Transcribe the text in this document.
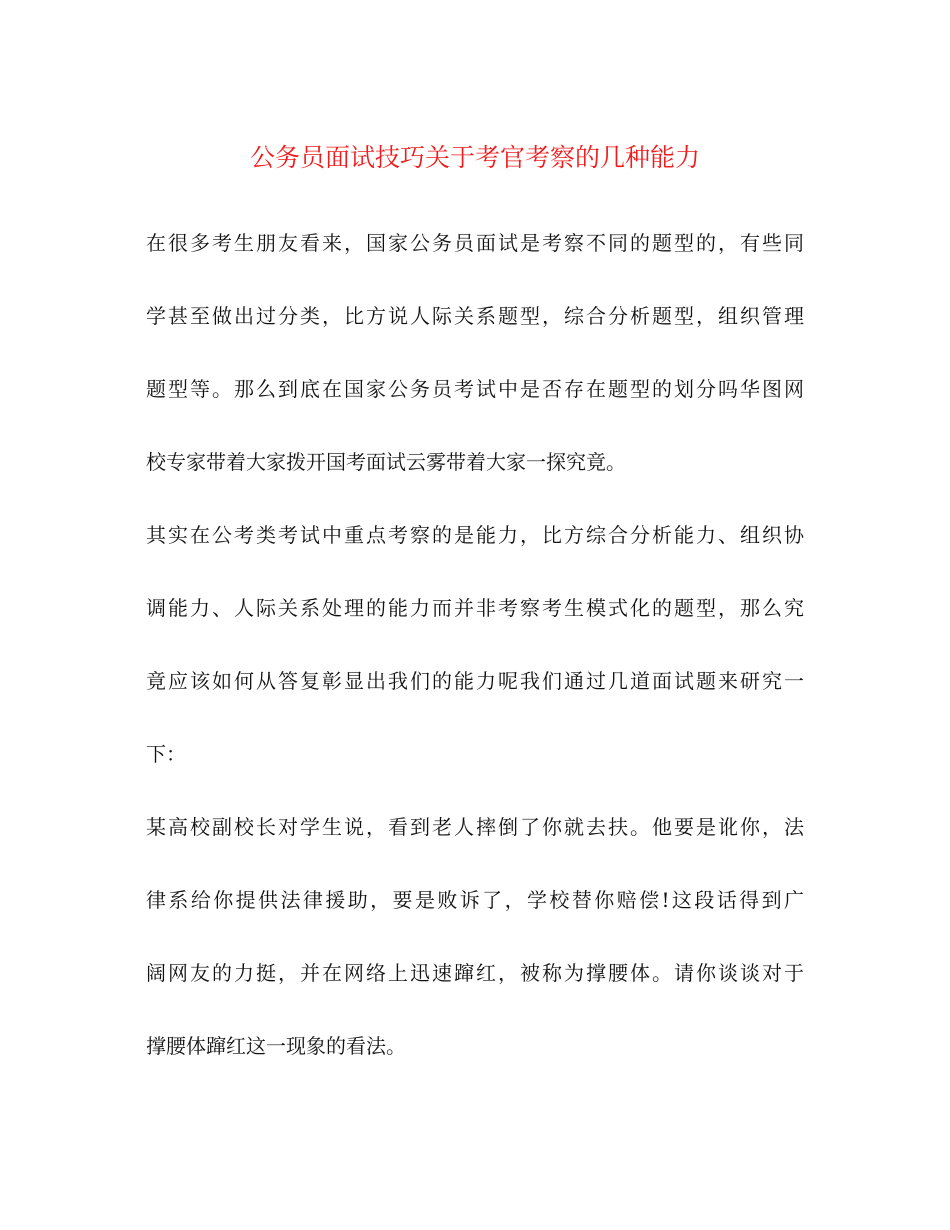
公务员面试技巧关于考官考察的几种能力
在很多考生朋友看来，国家公务员面试是考察不同的题型的，有些同
学甚至做出过分类，比方说人际关系题型，综合分析题型，组织管理
题型等。那么到底在国家公务员考试中是否存在题型的划分吗华图网
校专家带着大家拨开国考面试云雾带着大家一探究竟。
其实在公考类考试中重点考察的是能力，比方综合分析能力、组织协
调能力、人际关系处理的能力而并非考察考生模式化的题型，那么究
竟应该如何从答复彰显出我们的能力呢我们通过几道面试题来研究一
下：
某高校副校长对学生说，看到老人摔倒了你就去扶。他要是讹你，法
律系给你提供法律援助，要是败诉了，学校替你赔偿!这段话得到广
阔网友的力挺，并在网络上迅速蹿红，被称为撑腰体。请你谈谈对于
撑腰体蹿红这一现象的看法。
